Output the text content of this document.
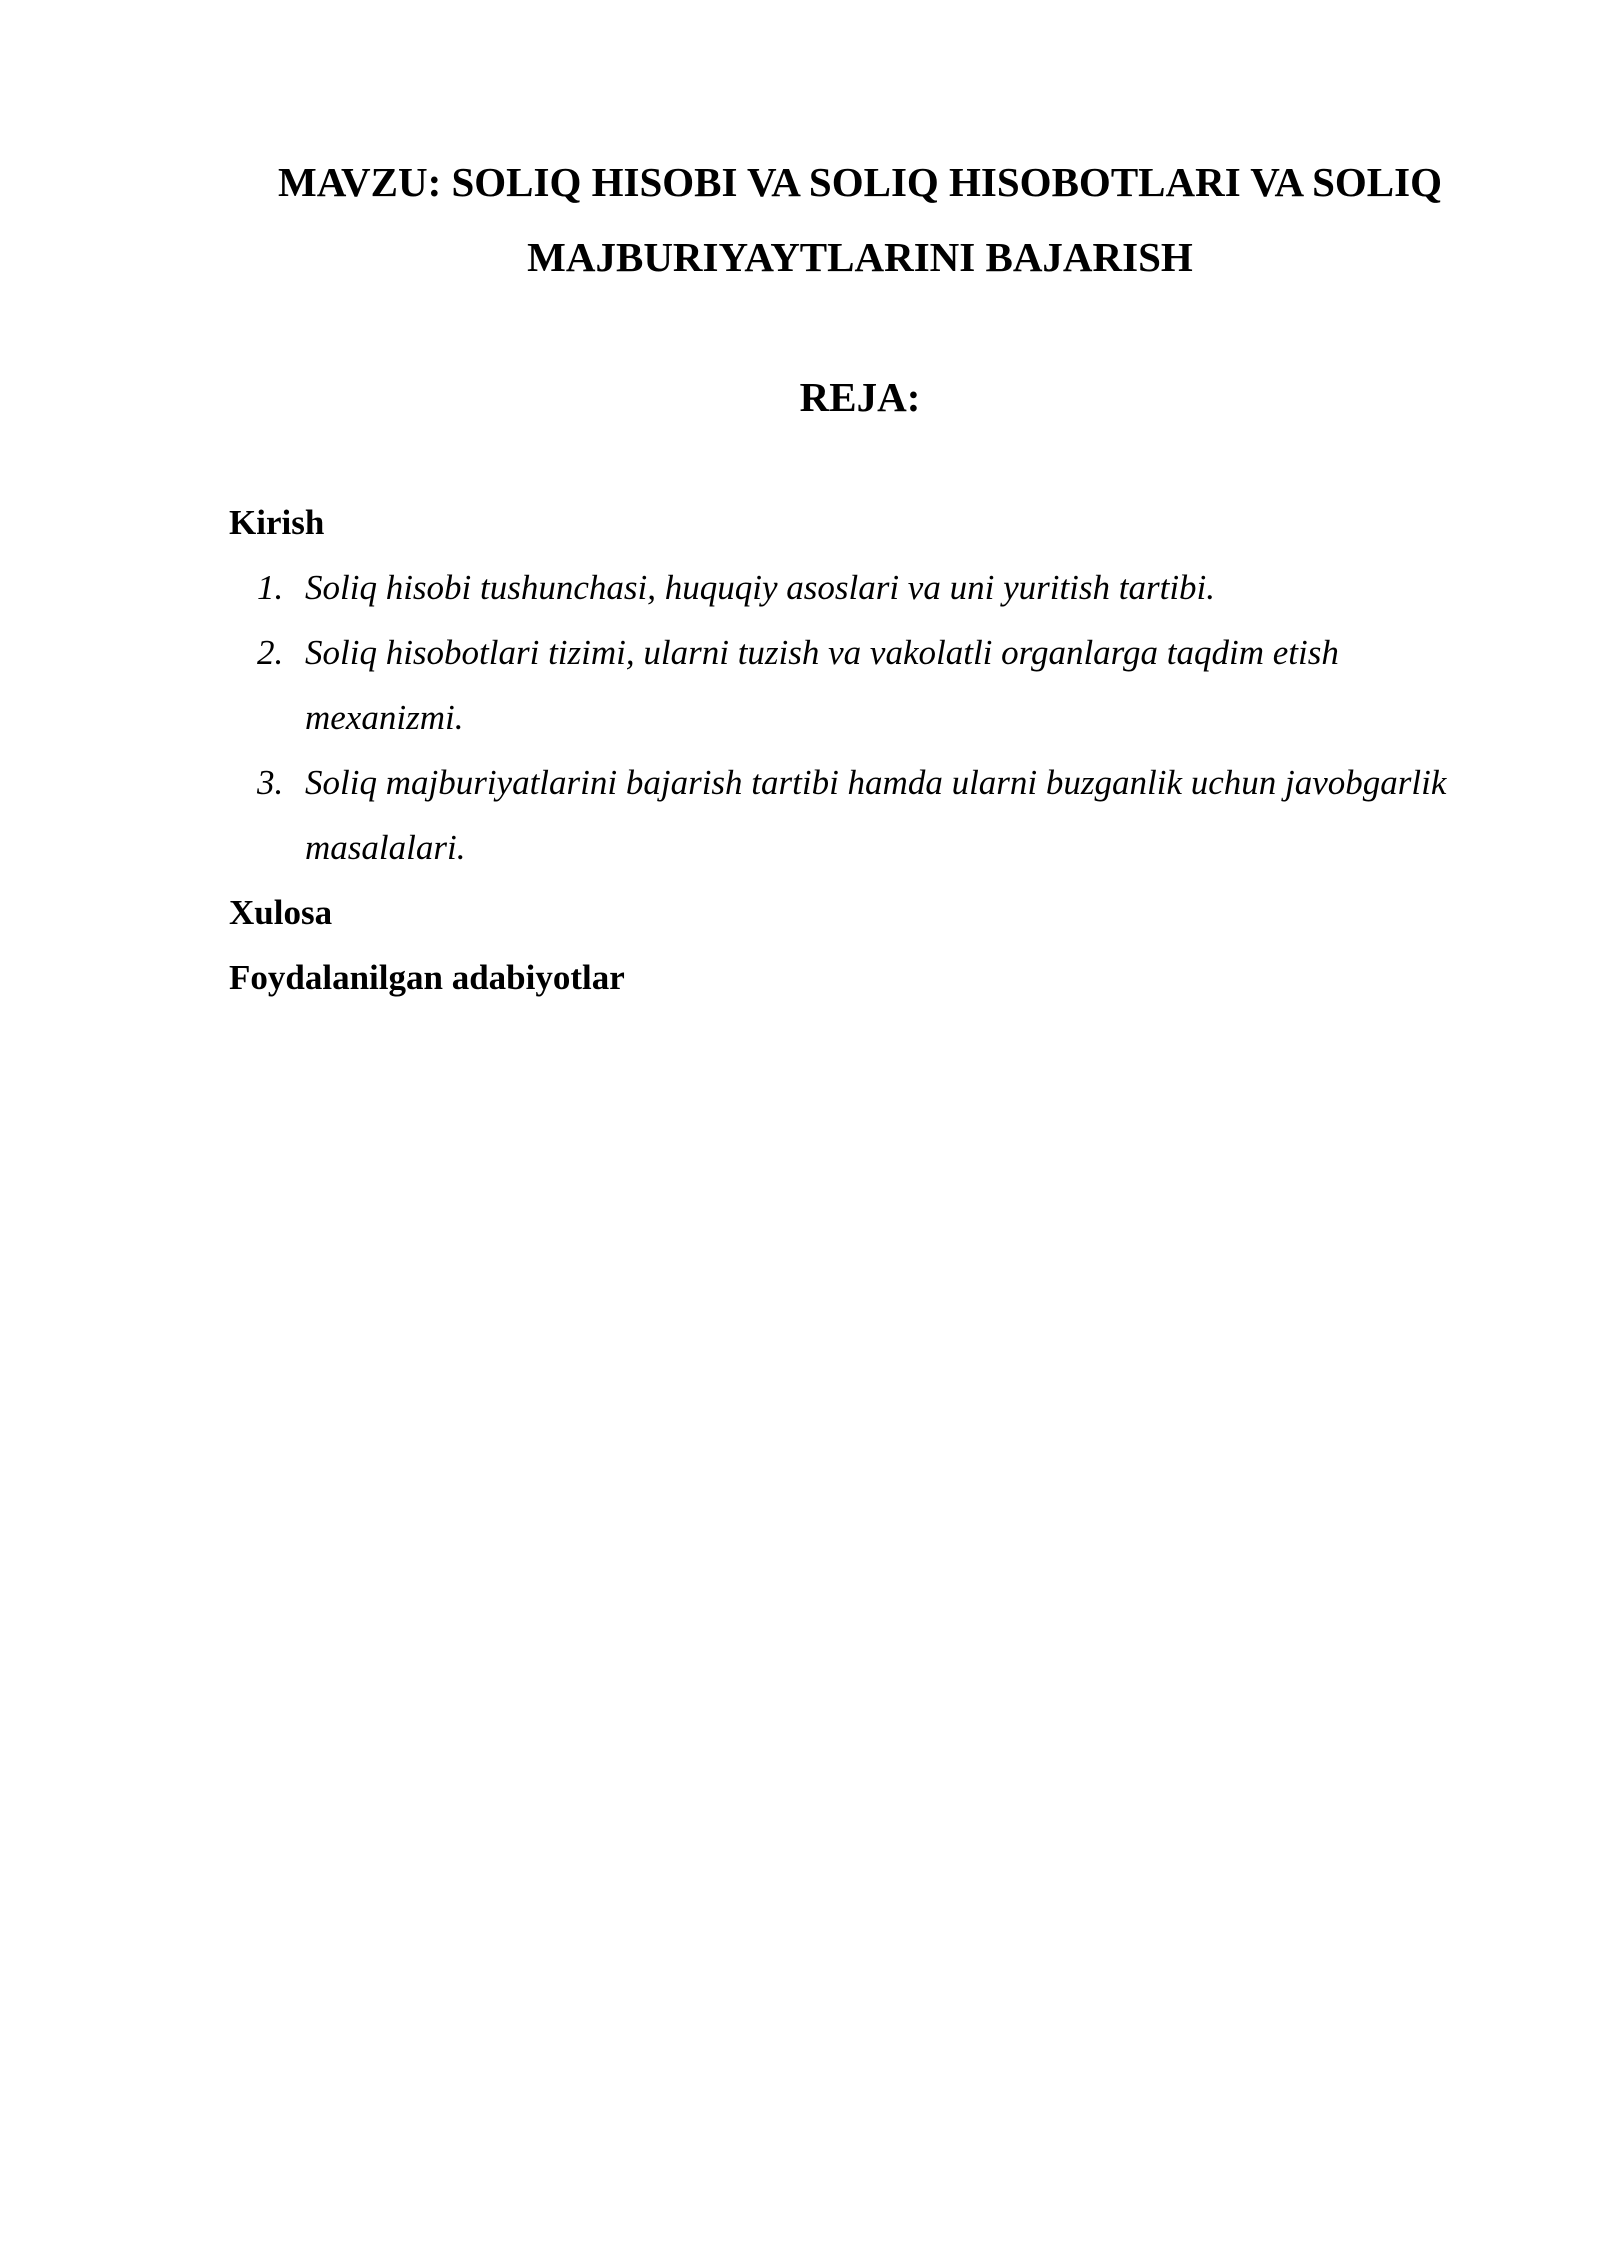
MAVZU: SOLIQ HISOBI VA SOLIQ HISOBOTLARI VA SOLIQ
MAJBURIYAYTLARINI BAJARISH
REJA:
Kirish
1. Soliq hisobi tushunchasi, huquqiy asoslari va uni yuritish tartibi.
2. Soliq hisobotlari tizimi, ularni tuzish va vakolatli organlarga taqdim etish mexanizmi.
3. Soliq majburiyatlarini bajarish tartibi hamda ularni buzganlik uchun javobgarlik masalalari.
Xulosa
Foydalanilgan adabiyotlar
